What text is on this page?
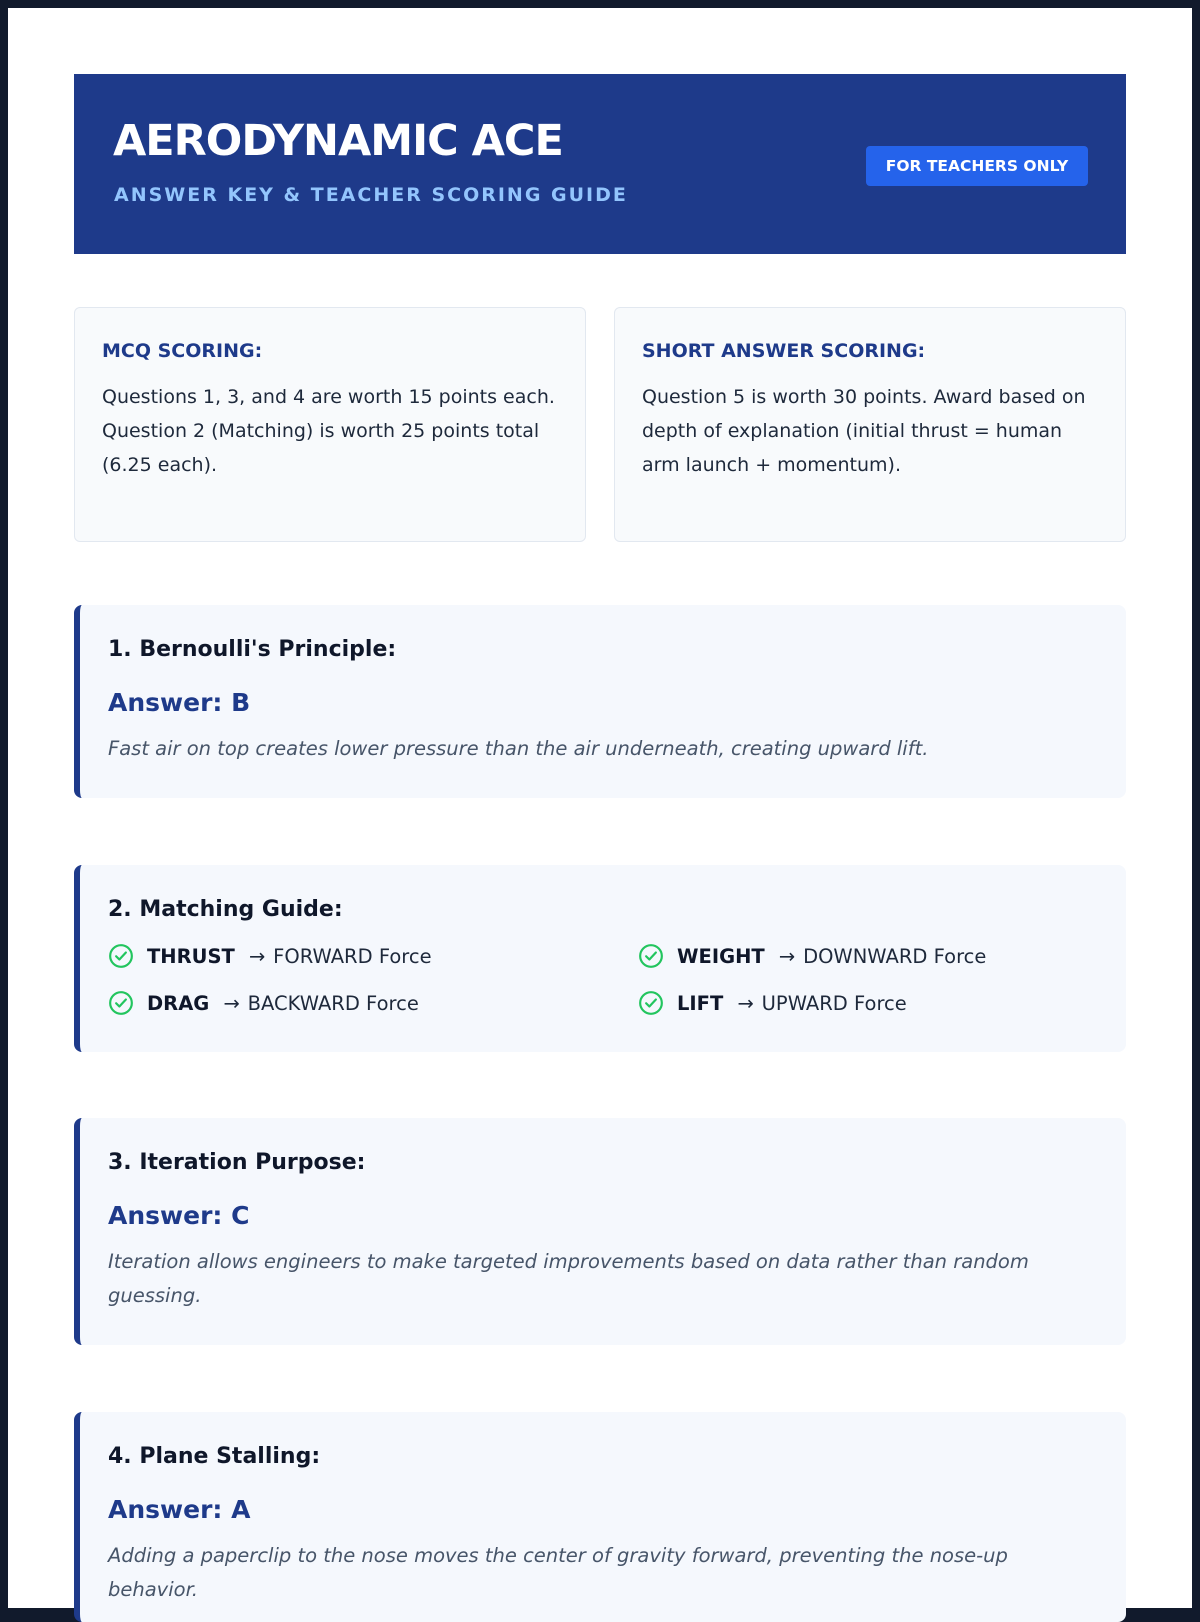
AERODYNAMIC ACE
ANSWER KEY & TEACHER SCORING GUIDE
FOR TEACHERS ONLY
MCQ SCORING:
Questions 1, 3, and 4 are worth 15 points each.
Question 2 (Matching) is worth 25 points total (6.25 each).
SHORT ANSWER SCORING:
Question 5 is worth 30 points. Award based on depth of explanation (initial thrust = human arm launch + momentum).
1. Bernoulli's Principle:
Answer: B
Fast air on top creates lower pressure than the air underneath, creating upward lift.
2. Matching Guide:
THRUST → FORWARD Force	WEIGHT → DOWNWARD Force
DRAG → BACKWARD Force	LIFT → UPWARD Force
3. Iteration Purpose:
Answer: C
Iteration allows engineers to make targeted improvements based on data rather than random guessing.
4. Plane Stalling:
Answer: A
Adding a paperclip to the nose moves the center of gravity forward, preventing the nose-up behavior.
